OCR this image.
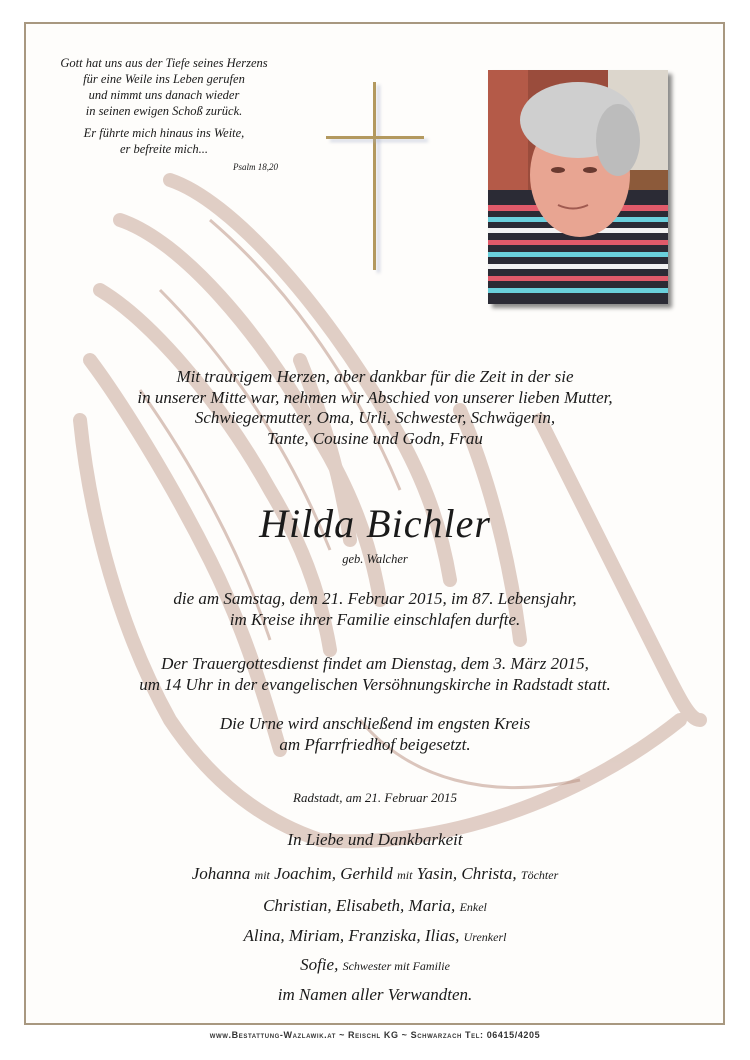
Gott hat uns aus der Tiefe seines Herzens
für eine Weile ins Leben gerufen
und nimmt uns danach wieder
in seinen ewigen Schoß zurück.

Er führte mich hinaus ins Weite,
er befreite mich...

Psalm 18,20
Mit traurigem Herzen, aber dankbar für die Zeit in der sie
in unserer Mitte war, nehmen wir Abschied von unserer lieben Mutter,
Schwiegermutter, Oma, Urli, Schwester, Schwägerin,
Tante, Cousine und Godn, Frau
Hilda Bichler
geb. Walcher
die am Samstag, dem 21. Februar 2015, im 87. Lebensjahr,
im Kreise ihrer Familie einschlafen durfte.
Der Trauergottesdienst findet am Dienstag, dem 3. März 2015,
um 14 Uhr in der evangelischen Versöhnungskirche in Radstadt statt.
Die Urne wird anschließend im engsten Kreis
am Pfarrfriedhof beigesetzt.
Radstadt, am 21. Februar 2015
In Liebe und Dankbarkeit
Johanna mit Joachim, Gerhild mit Yasin, Christa, Töchter
Christian, Elisabeth, Maria, Enkel
Alina, Miriam, Franziska, Ilias, Urenkerl
Sofie, Schwester mit Familie
im Namen aller Verwandten.
www.Bestattung-Wazlawik.at ~ Reischl KG ~ Schwarzach Tel: 06415/4205
